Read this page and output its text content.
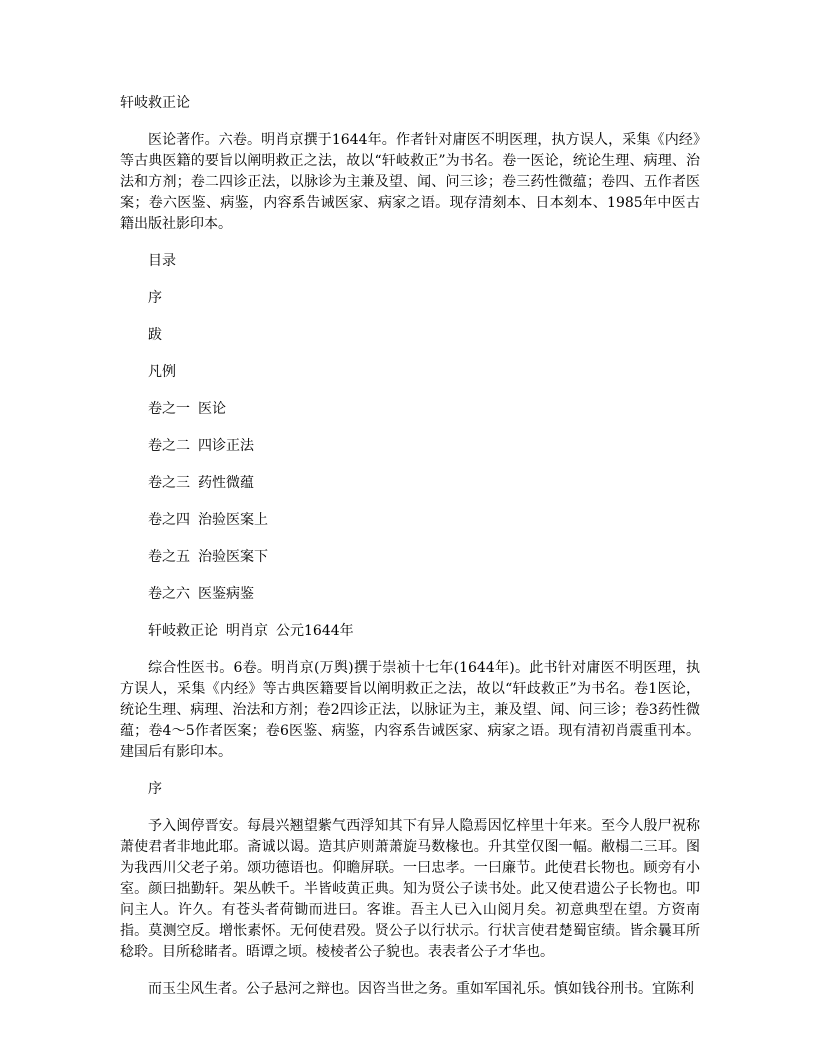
轩岐救正论
医论著作。六卷。明肖京撰于1644年。作者针对庸医不明医理，执方误人，采集《内经》等古典医籍的要旨以阐明救正之法，故以“轩岐救正”为书名。卷一医论，统论生理、病理、治法和方剂；卷二四诊正法，以脉诊为主兼及望、闻、问三诊；卷三药性微蕴；卷四、五作者医案；卷六医鉴、病鉴，内容系告诫医家、病家之语。现存清刻本、日本刻本、1985年中医古籍出版社影印本。
目录
序
跋
凡例
卷之一 医论
卷之二 四诊正法
卷之三 药性微蕴
卷之四 治验医案上
卷之五 治验医案下
卷之六 医鉴病鉴
轩岐救正论 明肖京 公元1644年
综合性医书。6卷。明肖京(万舆)撰于崇祯十七年(1644年)。此书针对庸医不明医理，执方误人，采集《内经》等古典医籍要旨以阐明救正之法，故以“轩歧救正”为书名。卷1医论，统论生理、病理、治法和方剂；卷2四诊正法，以脉证为主，兼及望、闻、问三诊；卷3药性微蕴；卷4～5作者医案；卷6医鉴、病鉴，内容系告诫医家、病家之语。现有清初肖震重刊本。建国后有影印本。
序
予入闽停晋安。每晨兴翘望紫气西浮知其下有异人隐焉因忆梓里十年来。至今人殷尸祝称萧使君者非地此耶。斋诚以谒。造其庐则萧萧旋马数椽也。升其堂仅图一幅。敝榻二三耳。图为我西川父老子弟。颂功德语也。仰瞻屏联。一曰忠孝。一曰廉节。此使君长物也。顾旁有小室。颜曰拙勤轩。架丛帙千。半皆岐黄正典。知为贤公子读书处。此又使君遗公子长物也。叩问主人。许久。有苍头者荷锄而进曰。客谁。吾主人已入山阅月矣。初意典型在望。方资南指。莫测空反。增怅素怀。无何使君殁。贤公子以行状示。行状言使君楚蜀宦绩。皆余曩耳所稔聆。目所稔睹者。晤谭之顷。棱棱者公子貌也。表表者公子才华也。
而玉尘风生者。公子悬河之辩也。因咨当世之务。重如军国礼乐。慎如钱谷刑书。宜陈利
